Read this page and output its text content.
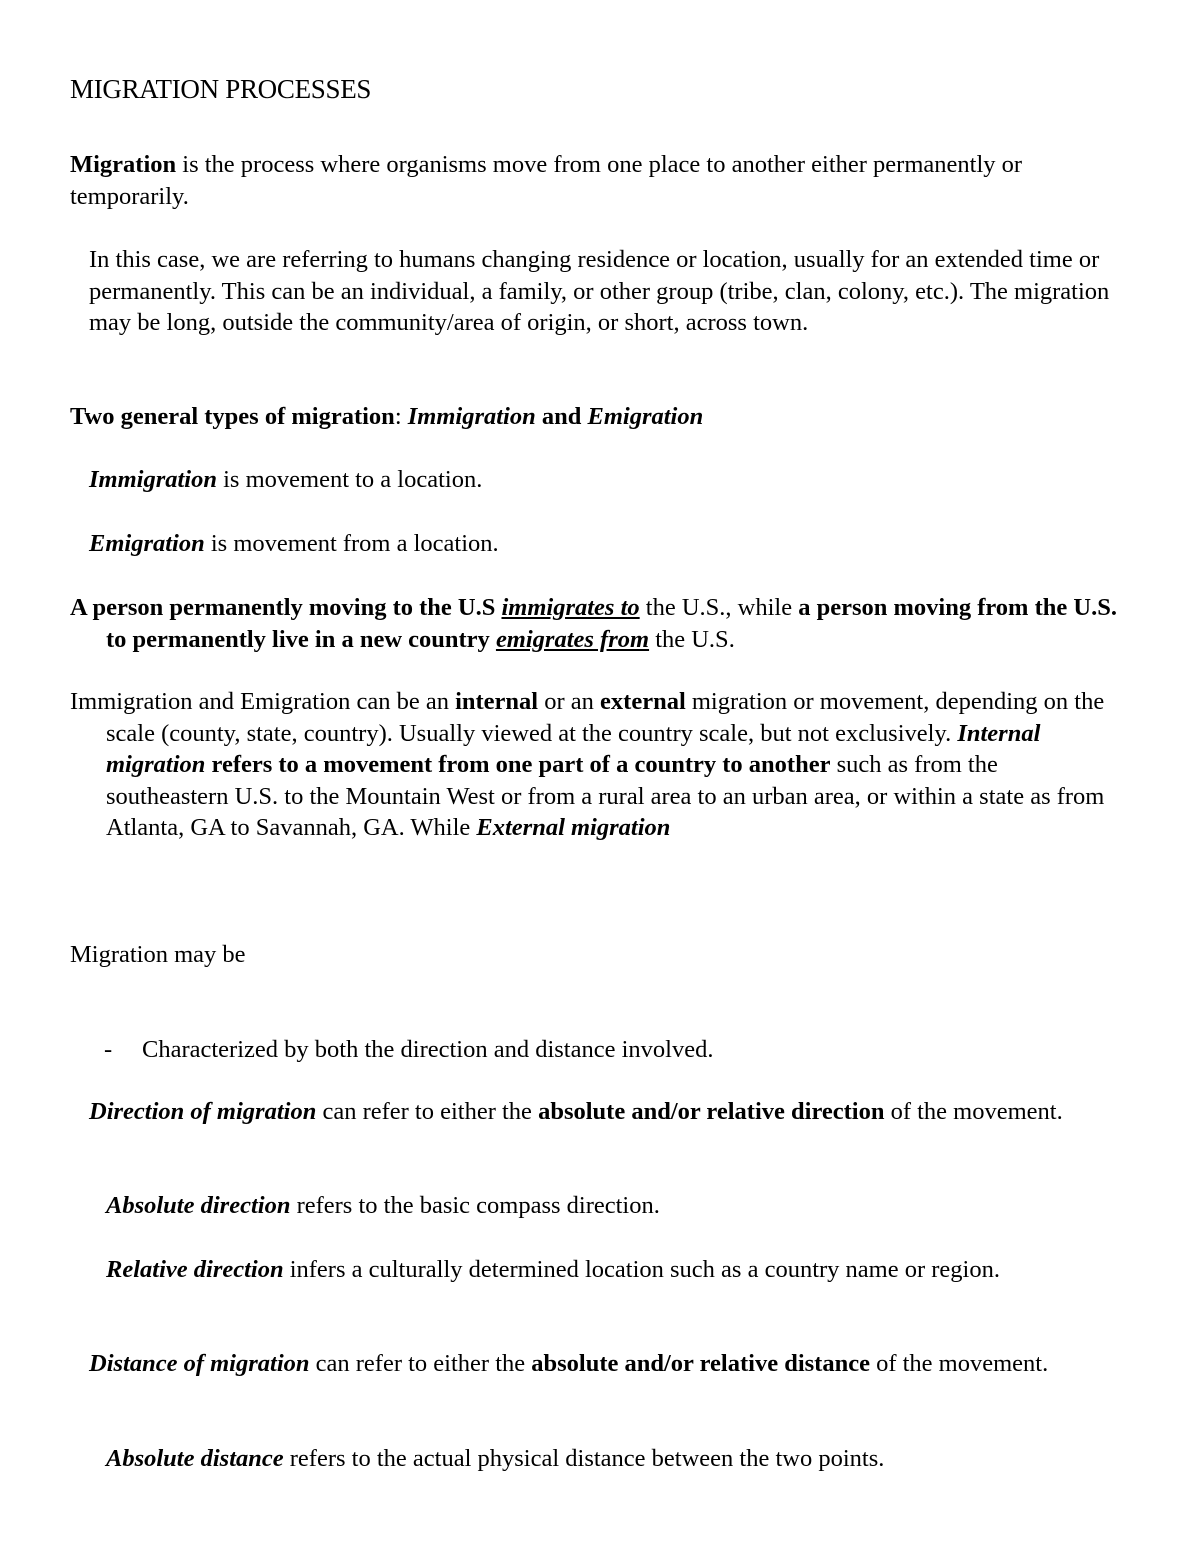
MIGRATION PROCESSES

Migration is the process where organisms move from one place to another either permanently or temporarily.

In this case, we are referring to humans changing residence or location, usually for an extended time or permanently. This can be an individual, a family, or other group (tribe, clan, colony, etc.). The migration may be long, outside the community/area of origin, or short, across town.

Two general types of migration: Immigration and Emigration

Immigration is movement to a location.

Emigration is movement from a location.

A person permanently moving to the U.S immigrates to the U.S., while a person moving from the U.S. to permanently live in a new country emigrates from the U.S.

Immigration and Emigration can be an internal or an external migration or movement, depending on the scale (county, state, country). Usually viewed at the country scale, but not exclusively. Internal migration refers to a movement from one part of a country to another such as from the southeastern U.S. to the Mountain West or from a rural area to an urban area, or within a state as from Atlanta, GA to Savannah, GA. While External migration

Migration may be

- Characterized by both the direction and distance involved.

Direction of migration can refer to either the absolute and/or relative direction of the movement.

Absolute direction refers to the basic compass direction.

Relative direction infers a culturally determined location such as a country name or region.

Distance of migration can refer to either the absolute and/or relative distance of the movement.

Absolute distance refers to the actual physical distance between the two points.
